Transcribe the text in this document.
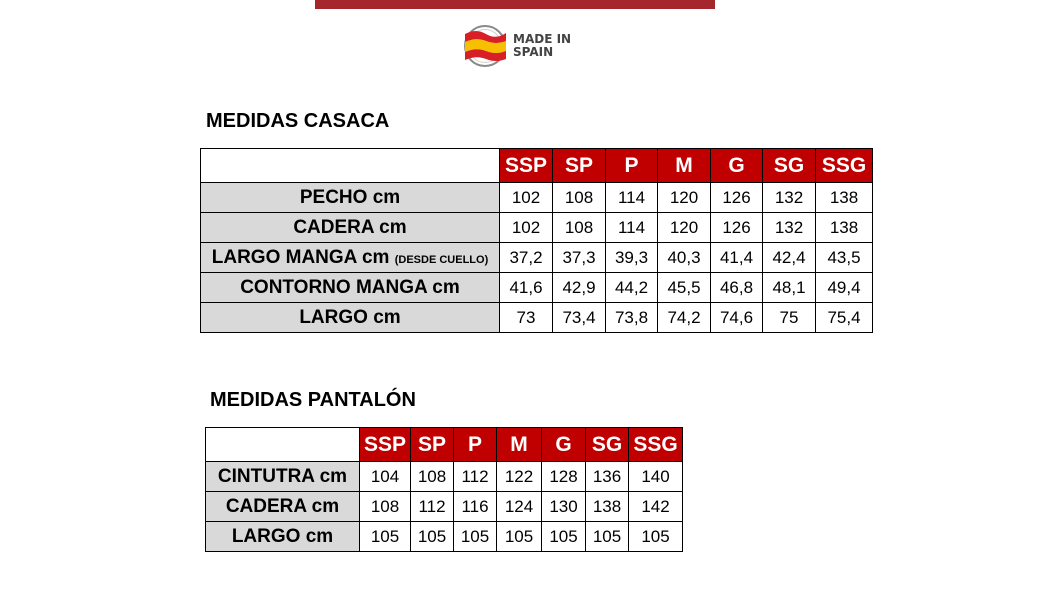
MADE IN
SPAIN
MEDIDAS CASACA
	SSP	SP	P	M	G	SG	SSG
PECHO cm	102	108	114	120	126	132	138
CADERA cm	102	108	114	120	126	132	138
LARGO MANGA cm (DESDE CUELLO)	37,2	37,3	39,3	40,3	41,4	42,4	43,5
CONTORNO MANGA cm	41,6	42,9	44,2	45,5	46,8	48,1	49,4
LARGO cm	73	73,4	73,8	74,2	74,6	75	75,4
MEDIDAS PANTALÓN
	SSP	SP	P	M	G	SG	SSG
CINTUTRA cm	104	108	112	122	128	136	140
CADERA cm	108	112	116	124	130	138	142
LARGO cm	105	105	105	105	105	105	105
